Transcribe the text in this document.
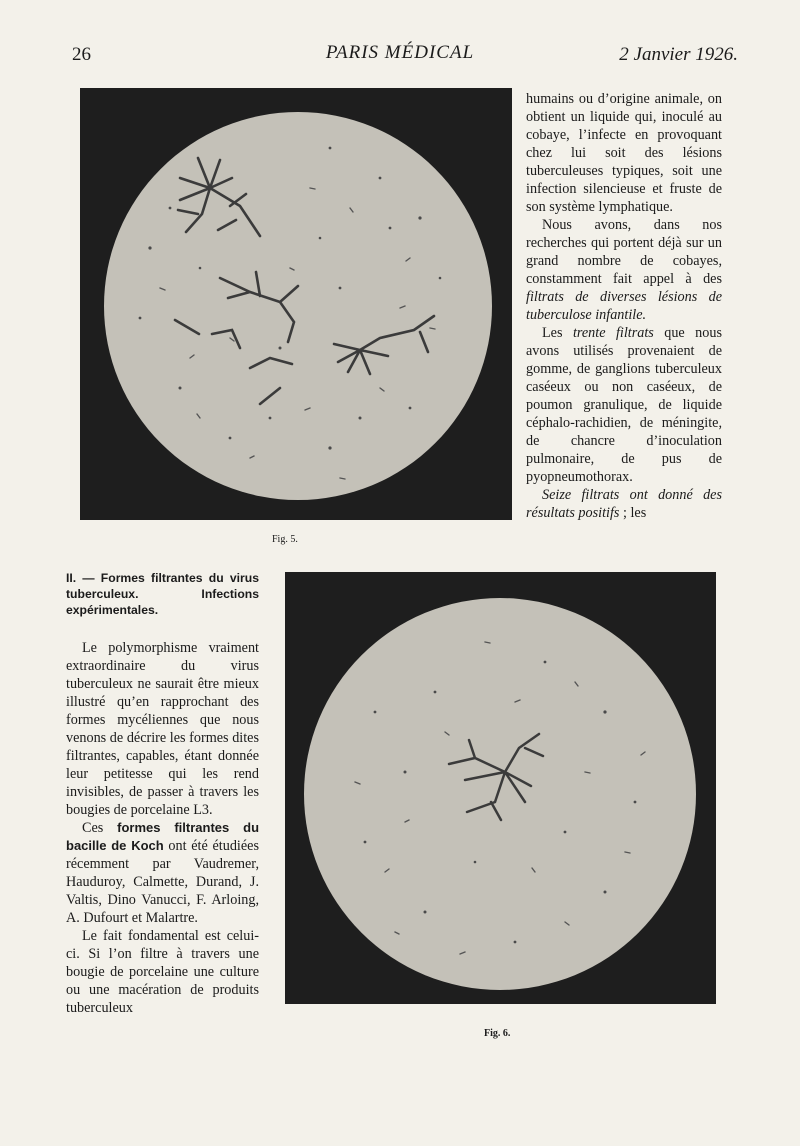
26	PARIS MÉDICAL	2 Janvier 1926.
Fig. 5.
Fig. 6.

humains ou d’origine animale, on obtient un liquide qui, inoculé au cobaye, l’infecte en provoquant chez lui soit des lésions tuberculeuses typiques, soit une infection silencieuse et fruste de son système lymphatique.

Nous avons, dans nos recherches qui portent déjà sur un grand nombre de cobayes, constamment fait appel à des filtrats de diverses lésions de tuberculose infantile.

Les trente filtrats que nous avons utilisés provenaient de gomme, de ganglions tuberculeux caséeux ou non caséeux, de poumon granulique, de liquide céphalo-rachidien, de méningite, de chancre d’inoculation pulmonaire, de pus de pyopneumothorax.

Seize filtrats ont donné des résultats positifs ; les

II. — Formes filtrantes du virus tuberculeux. Infections expérimentales.

Le polymorphisme vraiment extraordinaire du virus tuberculeux ne saurait être mieux illustré qu’en rapprochant des formes mycéliennes que nous venons de décrire les formes dites filtrantes, capables, étant donnée leur petitesse qui les rend invisibles, de passer à travers les bougies de porcelaine L3.

Ces formes filtrantes du bacille de Koch ont été étudiées récemment par Vaudremer, Hauduroy, Calmette, Durand, J. Valtis, Dino Vanucci, F. Arloing, A. Dufourt et Malartre.

Le fait fondamental est celui-ci. Si l’on filtre à travers une bougie de porcelaine une culture ou une macération de produits tuberculeux
